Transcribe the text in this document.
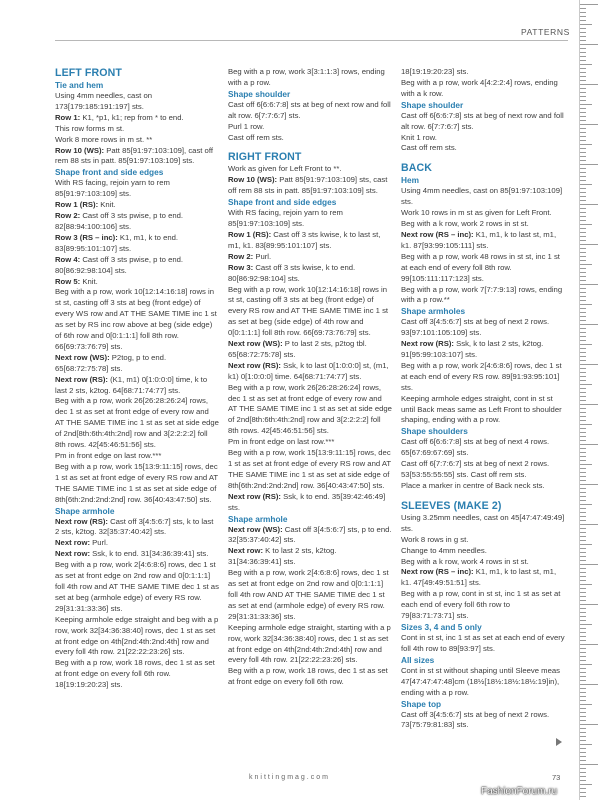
PATTERNS
LEFT FRONT
Tie and hem

Using 4mm needles, cast on 173[179:185:191:197] sts.

Row 1: K1, *p1, k1; rep from * to end.

This row forms m st.

Work 8 more rows in m st. **

Row 10 (WS): Patt 85[91:97:103:109], cast off rem 88 sts in patt. 85[91:97:103:109] sts.

Shape front and side edges

With RS facing, rejoin yarn to rem 85[91:97:103:109] sts.

Row 1 (RS): Knit.

Row 2: Cast off 3 sts pwise, p to end. 82[88:94:100:106] sts.

Row 3 (RS – inc): K1, m1, k to end. 83[89:95:101:107] sts.

Row 4: Cast off 3 sts pwise, p to end. 80[86:92:98:104] sts.

Row 5: Knit.

Beg with a p row, work 10[12:14:16:18] rows in st st, casting off 3 sts at beg (front edge) of every WS row and AT THE SAME TIME inc 1 st as set by RS inc row above at beg (side edge) of 6th row and 0[0:1:1:1] foll 8th row. 66[69:73:76:79] sts.

Next row (WS): P2tog, p to end. 65[68:72:75:78] sts.

Next row (RS): (K1, m1) 0[1:0:0:0] time, k to last 2 sts, k2tog. 64[68:71:74:77] sts.

Beg with a p row, work 26[26:28:26:24] rows, dec 1 st as set at front edge of every row and AT THE SAME TIME inc 1 st as set at side edge of 2nd[8th:6th:4th:2nd] row and 3[2:2:2:2] foll 8th rows. 42[45:46:51:56] sts.

Pm in front edge on last row.***

Beg with a p row, work 15[13:9:11:15] rows, dec 1 st as set at front edge of every RS row and AT THE SAME TIME inc 1 st as set at side edge of 8th[6th:2nd:2nd:2nd] row. 36[40:43:47:50] sts.

Shape armhole

Next row (RS): Cast off 3[4:5:6:7] sts, k to last 2 sts, k2tog. 32[35:37:40:42] sts.

Next row: Purl.

Next row: Ssk, k to end. 31[34:36:39:41] sts.

Beg with a p row, work 2[4:6:8:6] rows, dec 1 st as set at front edge on 2nd row and 0[0:1:1:1] foll 4th row and AT THE SAME TIME dec 1 st as set at beg (armhole edge) of every RS row. 29[31:31:33:36] sts.

Keeping armhole edge straight and beg with a p row, work 32[34:36:38:40] rows, dec 1 st as set at front edge on 4th[2nd:4th:2nd:4th] row and every foll 4th row. 21[22:22:23:26] sts.

Beg with a p row, work 18 rows, dec 1 st as set at front edge on every foll 6th row. 18[19:19:20:23] sts.

Beg with a p row, work 3[3:1:1:3] rows, ending with a p row.

Shape shoulder

Cast off 6[6:6:7:8] sts at beg of next row and foll alt row. 6[7:7:6:7] sts.

Purl 1 row.

Cast off rem sts.

RIGHT FRONT

Work as given for Left Front to **.

Row 10 (WS): Patt 85[91:97:103:109] sts, cast off rem 88 sts in patt. 85[91:97:103:109] sts.

Shape front and side edges

With RS facing, rejoin yarn to rem 85[91:97:103:109] sts.

Row 1 (RS): Cast off 3 sts kwise, k to last st, m1, k1. 83[89:95:101:107] sts.

Row 2: Purl.

Row 3: Cast off 3 sts kwise, k to end. 80[86:92:98:104] sts.

Beg with a p row, work 10[12:14:16:18] rows in st st, casting off 3 sts at beg (front edge) of every RS row and AT THE SAME TIME inc 1 st as set at beg (side edge) of 4th row and 0[0:1:1:1] foll 8th row. 66[69:73:76:79] sts.

Next row (WS): P to last 2 sts, p2tog tbl. 65[68:72:75:78] sts.

Next row (RS): Ssk, k to last 0[1:0:0:0] st, (m1, k1) 0[1:0:0:0] time. 64[68:71:74:77] sts.

Beg with a p row, work 26[26:28:26:24] rows, dec 1 st as set at front edge of every row and AT THE SAME TIME inc 1 st as set at side edge of 2nd[8th:6th:4th:2nd] row and 3[2:2:2:2] foll 8th rows. 42[45:46:51:56] sts.

Pm in front edge on last row.***

Beg with a p row, work 15[13:9:11:15] rows, dec 1 st as set at front edge of every RS row and AT THE SAME TIME inc 1 st as set at side edge of 8th[6th:2nd:2nd:2nd] row. 36[40:43:47:50] sts.

Next row (RS): Ssk, k to end. 35[39:42:46:49] sts.

Shape armhole

Next row (WS): Cast off 3[4:5:6:7] sts, p to end. 32[35:37:40:42] sts.

Next row: K to last 2 sts, k2tog. 31[34:36:39:41] sts.

Beg with a p row, work 2[4:6:8:6] rows, dec 1 st as set at front edge on 2nd row and 0[0:1:1:1] foll 4th row AND AT THE SAME TIME dec 1 st as set at end (armhole edge) of every RS row. 29[31:31:33:36] sts.

Keeping armhole edge straight, starting with a p row, work 32[34:36:38:40] rows, dec 1 st as set at front edge on 4th[2nd:4th:2nd:4th] row and every foll 4th row. 21[22:22:23:26] sts.

Beg with a p row, work 18 rows, dec 1 st as set at front edge on every foll 6th row.

18[19:19:20:23] sts.

Beg with a p row, work 4[4:2:2:4] rows, ending with a k row.

Shape shoulder

Cast off 6[6:6:7:8] sts at beg of next row and foll alt row. 6[7:7:6:7] sts.

Knit 1 row.

Cast off rem sts.

BACK
Hem

Using 4mm needles, cast on 85[91:97:103:109] sts.

Work 10 rows in m st as given for Left Front. Beg with a k row, work 2 rows in st st.

Next row (RS – inc): K1, m1, k to last st, m1, k1. 87[93:99:105:111] sts.

Beg with a p row, work 48 rows in st st, inc 1 st at each end of every foll 8th row. 99[105:111:117:123] sts.

Beg with a p row, work 7[7:7:9:13] rows, ending with a p row.**

Shape armholes

Cast off 3[4:5:6:7] sts at beg of next 2 rows. 93[97:101:105:109] sts.

Next row (RS): Ssk, k to last 2 sts, k2tog. 91[95:99:103:107] sts.

Beg with a p row, work 2[4:6:8:6] rows, dec 1 st at each end of every RS row. 89[91:93:95:101] sts.

Keeping armhole edges straight, cont in st st until Back meas same as Left Front to shoulder shaping, ending with a p row.

Shape shoulders

Cast off 6[6:6:7:8] sts at beg of next 4 rows. 65[67:69:67:69] sts.

Cast off 6[7:7:6:7] sts at beg of next 2 rows. 53[53:55:55:55] sts. Cast off rem sts.

Place a marker in centre of Back neck sts.

SLEEVES (MAKE 2)

Using 3.25mm needles, cast on 45[47:47:49:49] sts.

Work 8 rows in g st.

Change to 4mm needles.

Beg with a k row, work 4 rows in st st.

Next row (RS – inc): K1, m1, k to last st, m1, k1. 47[49:49:51:51] sts.

Beg with a p row, cont in st st, inc 1 st as set at each end of every foll 6th row to 79[83:71:73:71] sts.

Sizes 3, 4 and 5 only

Cont in st st, inc 1 st as set at each end of every foll 4th row to 89[93:97] sts.

All sizes

Cont in st st without shaping until Sleeve meas 47[47:47:47:48]cm (18½[18½:18½:18½:19]in), ending with a p row.

Shape top

Cast off 3[4:5:6:7] sts at beg of next 2 rows. 73[75:79:81:83] sts.

knittingmag.com	73
FashionForum.ru
